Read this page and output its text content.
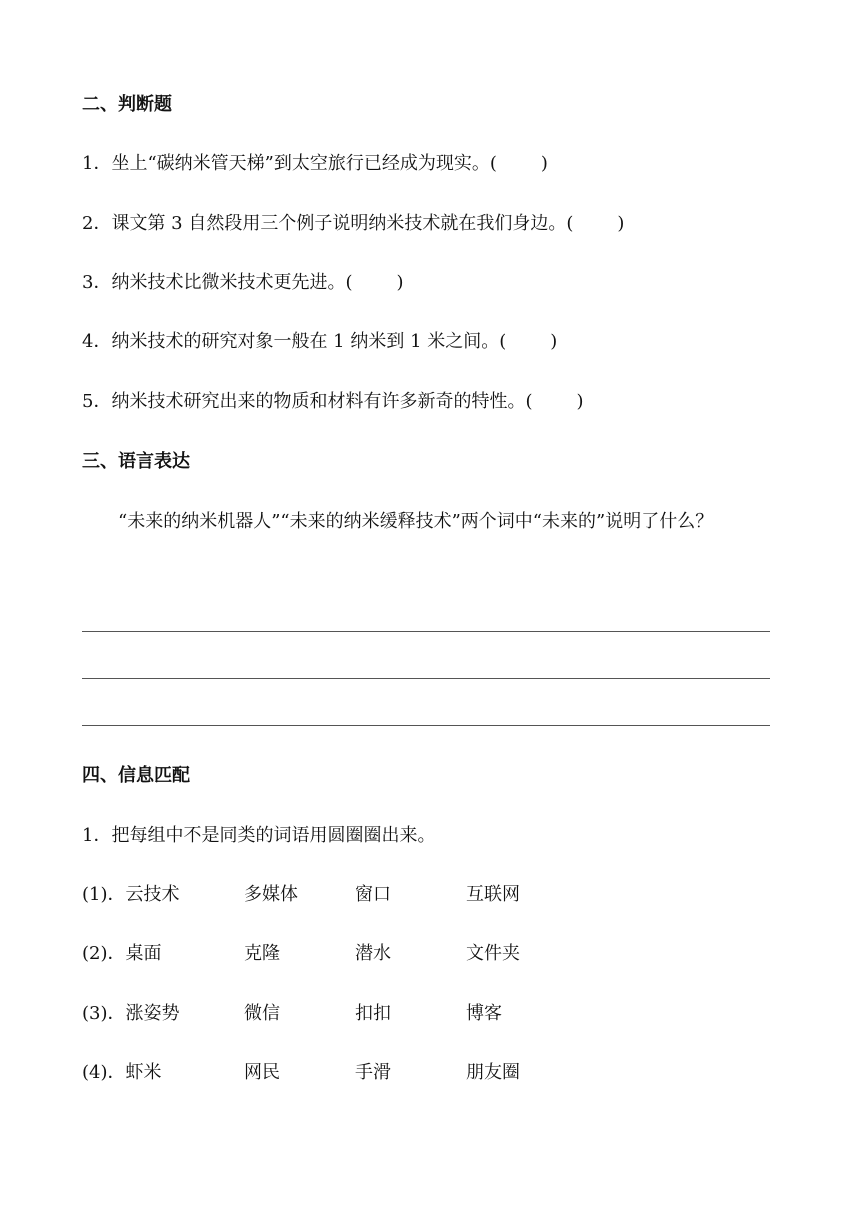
二、判断题
1．坐上“碳纳米管天梯”到太空旅行已经成为现实。( )
2．课文第 3 自然段用三个例子说明纳米技术就在我们身边。( )
3．纳米技术比微米技术更先进。( )
4．纳米技术的研究对象一般在 1 纳米到 1 米之间。( )
5．纳米技术研究出来的物质和材料有许多新奇的特性。( )
三、语言表达
“未来的纳米机器人”“未来的纳米缓释技术”两个词中“未来的”说明了什么？
四、信息匹配
1．把每组中不是同类的词语用圆圈圈出来。
(1)．云技术	多媒体	窗口	互联网
(2)．桌面	克隆	潜水	文件夹
(3)．涨姿势	微信	扣扣	博客
(4)．虾米	网民	手滑	朋友圈
